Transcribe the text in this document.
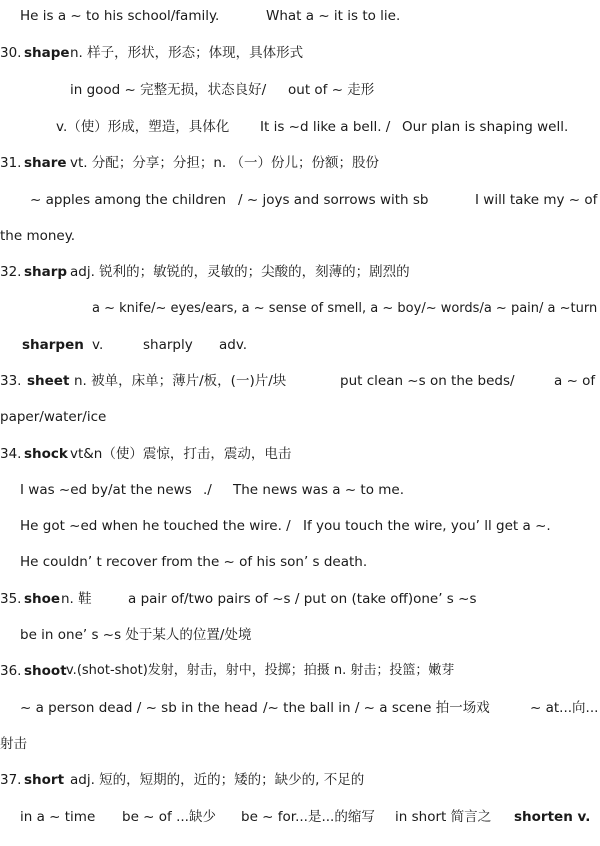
He is a ~ to his school/family.	What a ~ it is to lie.
30. shape n. 样子，形状，形态；体现，具体形式
in good ~ 完整无损，状态良好/ out of ~ 走形
v.（使）形成，塑造，具体化 It is ~d like a bell. / Our plan is shaping well.
31. share vt. 分配；分享；分担；n. （一）份儿；份额；股份
~ apples among the children / ~ joys and sorrows with sb	I will take my ~ of
the money.
32. sharp adj. 锐利的；敏锐的，灵敏的；尖酸的，刻薄的；剧烈的
a ~ knife/~ eyes/ears, a ~ sense of smell, a ~ boy/~ words/a ~ pain/ a ~turn
sharpen v.	sharply adv.
33. sheet n. 被单，床单；薄片/板，(一)片/块	put clean ~s on the beds/	a ~ of
paper/water/ice
34. shock vt&n（使）震惊，打击，震动，电击
I was ~ed by/at the news ./ The news was a ~ to me.
He got ~ed when he touched the wire. / If you touch the wire, you’ ll get a ~.
He couldn’ t recover from the ~ of his son’ s death.
35. shoe n. 鞋	a pair of/two pairs of ~s / put on (take off)one’ s ~s
be in one’ s ~s 处于某人的位置/处境
36. shoot v.(shot-shot)发射，射击，射中，投掷；拍摄 n. 射击；投篮；嫩芽
~ a person dead / ~ sb in the head /~ the ball in / ~ a scene 拍一场戏	~ at...向...
射击
37. short adj. 短的，短期的，近的；矮的；缺少的, 不足的
in a ~ time be ~ of ...缺少 be ~ for...是...的缩写 in short 简言之 shorten v.
